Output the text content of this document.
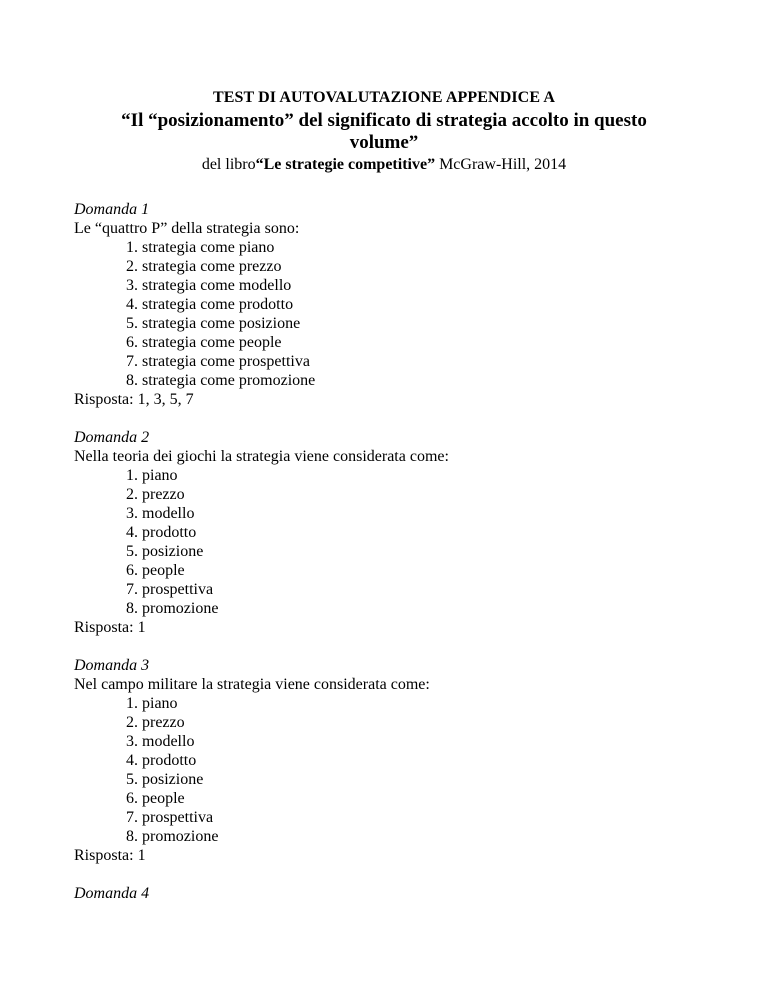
TEST DI AUTOVALUTAZIONE APPENDICE A
“Il “posizionamento” del significato di strategia accolto in questo volume”
del libro“Le strategie competitive” McGraw-Hill, 2014
Domanda 1
Le “quattro P” della strategia sono:
1. strategia come piano
2. strategia come prezzo
3. strategia come modello
4. strategia come prodotto
5. strategia come posizione
6. strategia come people
7. strategia come prospettiva
8. strategia come promozione
Risposta: 1, 3, 5, 7
Domanda 2
Nella teoria dei giochi la strategia viene considerata come:
1. piano
2. prezzo
3. modello
4. prodotto
5. posizione
6. people
7. prospettiva
8. promozione
Risposta: 1
Domanda 3
Nel campo militare la strategia viene considerata come:
1. piano
2. prezzo
3. modello
4. prodotto
5. posizione
6. people
7. prospettiva
8. promozione
Risposta: 1
Domanda 4
